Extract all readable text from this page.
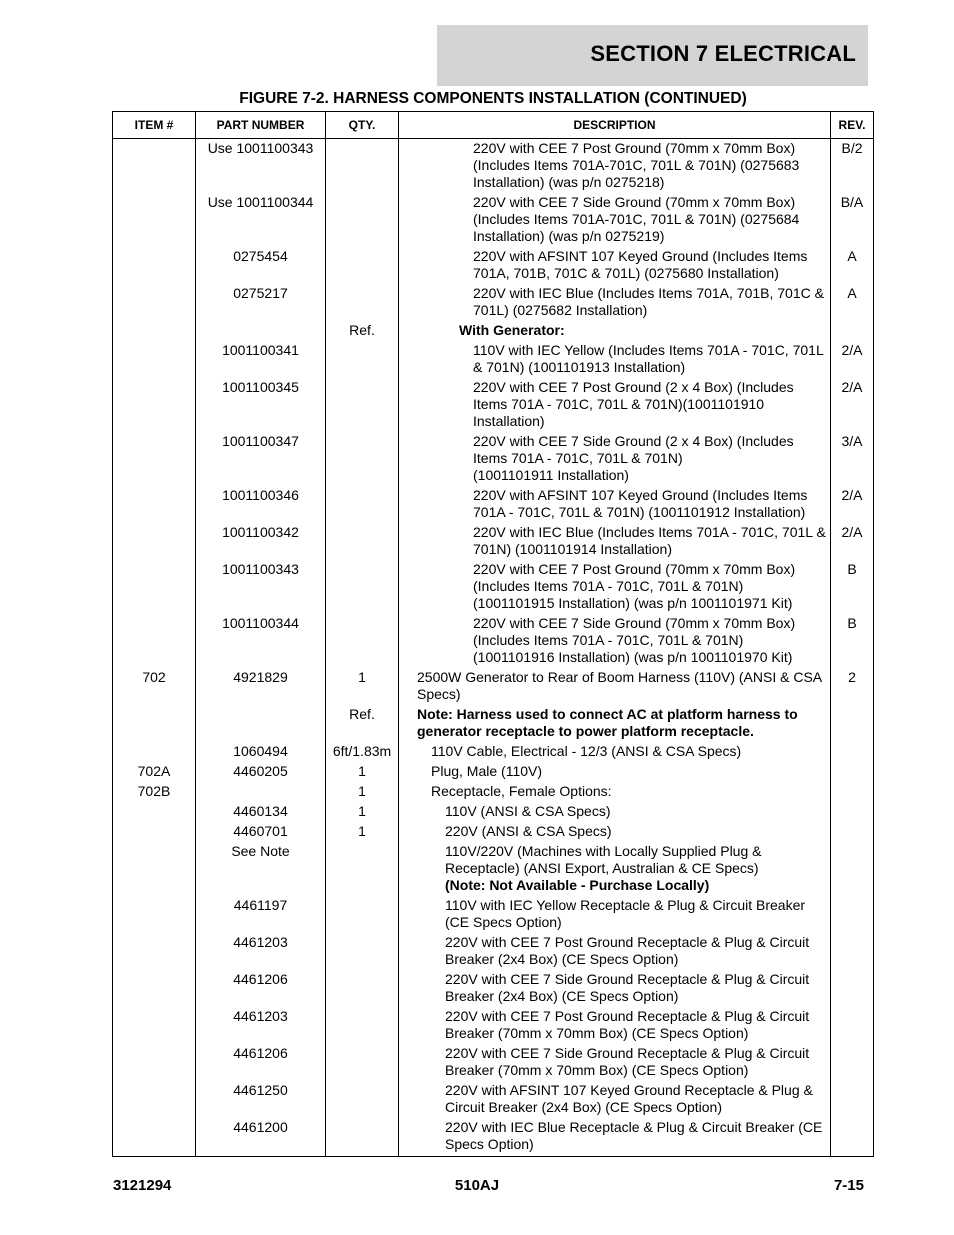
SECTION 7 ELECTRICAL
FIGURE 7-2. HARNESS COMPONENTS INSTALLATION (CONTINUED)
ITEM #	PART NUMBER	QTY.	DESCRIPTION	REV.
	Use 1001100343		220V with CEE 7 Post Ground (70mm x 70mm Box) (Includes Items 701A-701C, 701L & 701N) (0275683 Installation) (was p/n 0275218)	B/2

	Use 1001100344		220V with CEE 7 Side Ground (70mm x 70mm Box) (Includes Items 701A-701C, 701L & 701N) (0275684 Installation) (was p/n 0275219)	B/A

	0275454		220V with AFSINT 107 Keyed Ground (Includes Items 701A, 701B, 701C & 701L) (0275680 Installation)	A

	0275217		220V with IEC Blue (Includes Items 701A, 701B, 701C & 701L) (0275682 Installation)	A

		Ref.	With Generator:	

	1001100341		110V with IEC Yellow (Includes Items 701A - 701C, 701L & 701N) (1001101913 Installation)	2/A

	1001100345		220V with CEE 7 Post Ground (2 x 4 Box) (Includes Items 701A - 701C, 701L & 701N)(1001101910 Installation)	2/A

	1001100347		220V with CEE 7 Side Ground (2 x 4 Box) (Includes Items 701A - 701C, 701L & 701N)
(1001101911 Installation)	3/A

	1001100346		220V with AFSINT 107 Keyed Ground (Includes Items 701A - 701C, 701L & 701N) (1001101912 Installation)	2/A

	1001100342		220V with IEC Blue (Includes Items 701A - 701C, 701L & 701N) (1001101914 Installation)	2/A

	1001100343		220V with CEE 7 Post Ground (70mm x 70mm Box) (Includes Items 701A - 701C, 701L & 701N)
(1001101915 Installation) (was p/n 1001101971 Kit)	B

	1001100344		220V with CEE 7 Side Ground (70mm x 70mm Box) (Includes Items 701A - 701C, 701L & 701N)
(1001101916 Installation) (was p/n 1001101970 Kit)	B

702	4921829	1	2500W Generator to Rear of Boom Harness (110V) (ANSI & CSA Specs)	2

		Ref.	Note: Harness used to connect AC at platform harness to generator receptacle to power platform receptacle.	

	1060494	6ft/1.83m	110V Cable, Electrical - 12/3 (ANSI & CSA Specs)	

702A	4460205	1	Plug, Male (110V)	

702B		1	Receptacle, Female Options:	

	4460134	1	110V (ANSI & CSA Specs)	

	4460701	1	220V (ANSI & CSA Specs)	

	See Note		110V/220V (Machines with Locally Supplied Plug & Receptacle) (ANSI Export, Australian & CE Specs)
(Note: Not Available - Purchase Locally)	

	4461197		110V with IEC Yellow Receptacle & Plug & Circuit Breaker (CE Specs Option)	

	4461203		220V with CEE 7 Post Ground Receptacle & Plug & Circuit Breaker (2x4 Box) (CE Specs Option)	

	4461206		220V with CEE 7 Side Ground Receptacle & Plug & Circuit Breaker (2x4 Box) (CE Specs Option)	

	4461203		220V with CEE 7 Post Ground Receptacle & Plug & Circuit Breaker (70mm x 70mm Box) (CE Specs Option)	

	4461206		220V with CEE 7 Side Ground Receptacle & Plug & Circuit Breaker (70mm x 70mm Box) (CE Specs Option)	

	4461250		220V with AFSINT 107 Keyed Ground Receptacle & Plug & Circuit Breaker (2x4 Box) (CE Specs Option)	

	4461200		220V with IEC Blue Receptacle & Plug & Circuit Breaker (CE Specs Option)	
3121294	510AJ	7-15
